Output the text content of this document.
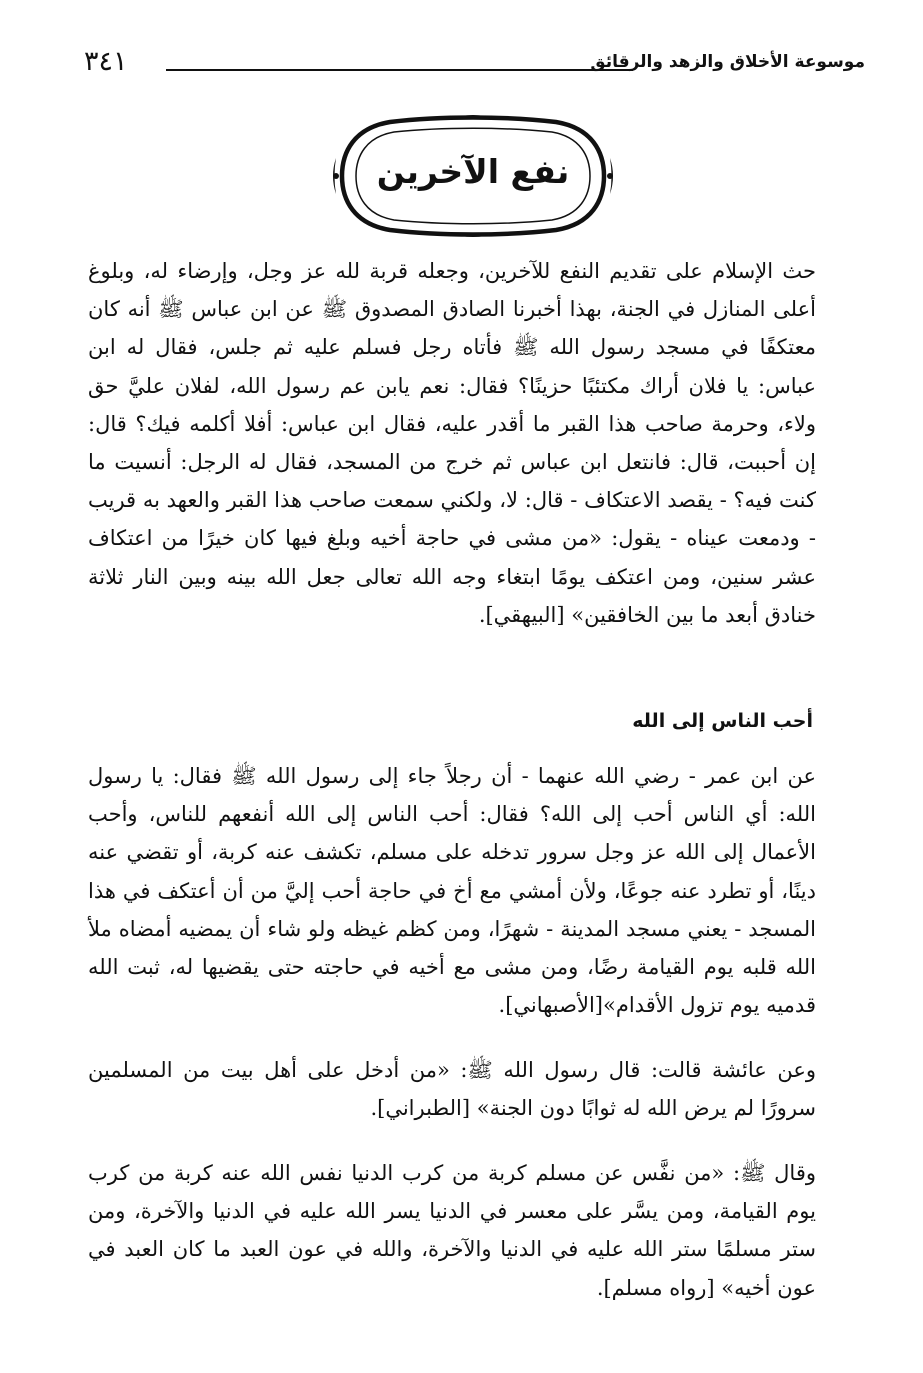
٣٤١	موسوعة الأخلاق والزهد والرقائق
نفع الآخرين
حث الإسلام على تقديم النفع للآخرين، وجعله قربة لله عز وجل، وإرضاء له، وبلوغ أعلى المنازل في الجنة، بهذا أخبرنا الصادق المصدوق ﷺ عن ابن عباس ﷺ أنه كان معتكفًا في مسجد رسول الله ﷺ فأتاه رجل فسلم عليه ثم جلس، فقال له ابن عباس: يا فلان أراك مكتئبًا حزينًا؟ فقال: نعم يابن عم رسول الله، لفلان عليَّ حق ولاء، وحرمة صاحب هذا القبر ما أقدر عليه، فقال ابن عباس: أفلا أكلمه فيك؟ قال: إن أحببت، قال: فانتعل ابن عباس ثم خرج من المسجد، فقال له الرجل: أنسيت ما كنت فيه؟ - يقصد الاعتكاف - قال: لا، ولكني سمعت صاحب هذا القبر والعهد به قريب - ودمعت عيناه - يقول: «من مشى في حاجة أخيه وبلغ فيها كان خيرًا من اعتكاف عشر سنين، ومن اعتكف يومًا ابتغاء وجه الله تعالى جعل الله بينه وبين النار ثلاثة خنادق أبعد ما بين الخافقين» [البيهقي].
أحب الناس إلى الله
عن ابن عمر - رضي الله عنهما - أن رجلاً جاء إلى رسول الله ﷺ فقال: يا رسول الله: أي الناس أحب إلى الله؟ فقال: أحب الناس إلى الله أنفعهم للناس، وأحب الأعمال إلى الله عز وجل سرور تدخله على مسلم، تكشف عنه كربة، أو تقضي عنه دينًا، أو تطرد عنه جوعًا، ولأن أمشي مع أخ في حاجة أحب إليَّ من أن أعتكف في هذا المسجد - يعني مسجد المدينة - شهرًا، ومن كظم غيظه ولو شاء أن يمضيه أمضاه ملأ الله قلبه يوم القيامة رضًا، ومن مشى مع أخيه في حاجته حتى يقضيها له، ثبت الله قدميه يوم تزول الأقدام»[الأصبهاني].
وعن عائشة قالت: قال رسول الله ﷺ: «من أدخل على أهل بيت من المسلمين سرورًا لم يرض الله له ثوابًا دون الجنة» [الطبراني].
وقال ﷺ: «من نفَّس عن مسلم كربة من كرب الدنيا نفس الله عنه كربة من كرب يوم القيامة، ومن يسَّر على معسر في الدنيا يسر الله عليه في الدنيا والآخرة، ومن ستر مسلمًا ستر الله عليه في الدنيا والآخرة، والله في عون العبد ما كان العبد في عون أخيه» [رواه مسلم].
